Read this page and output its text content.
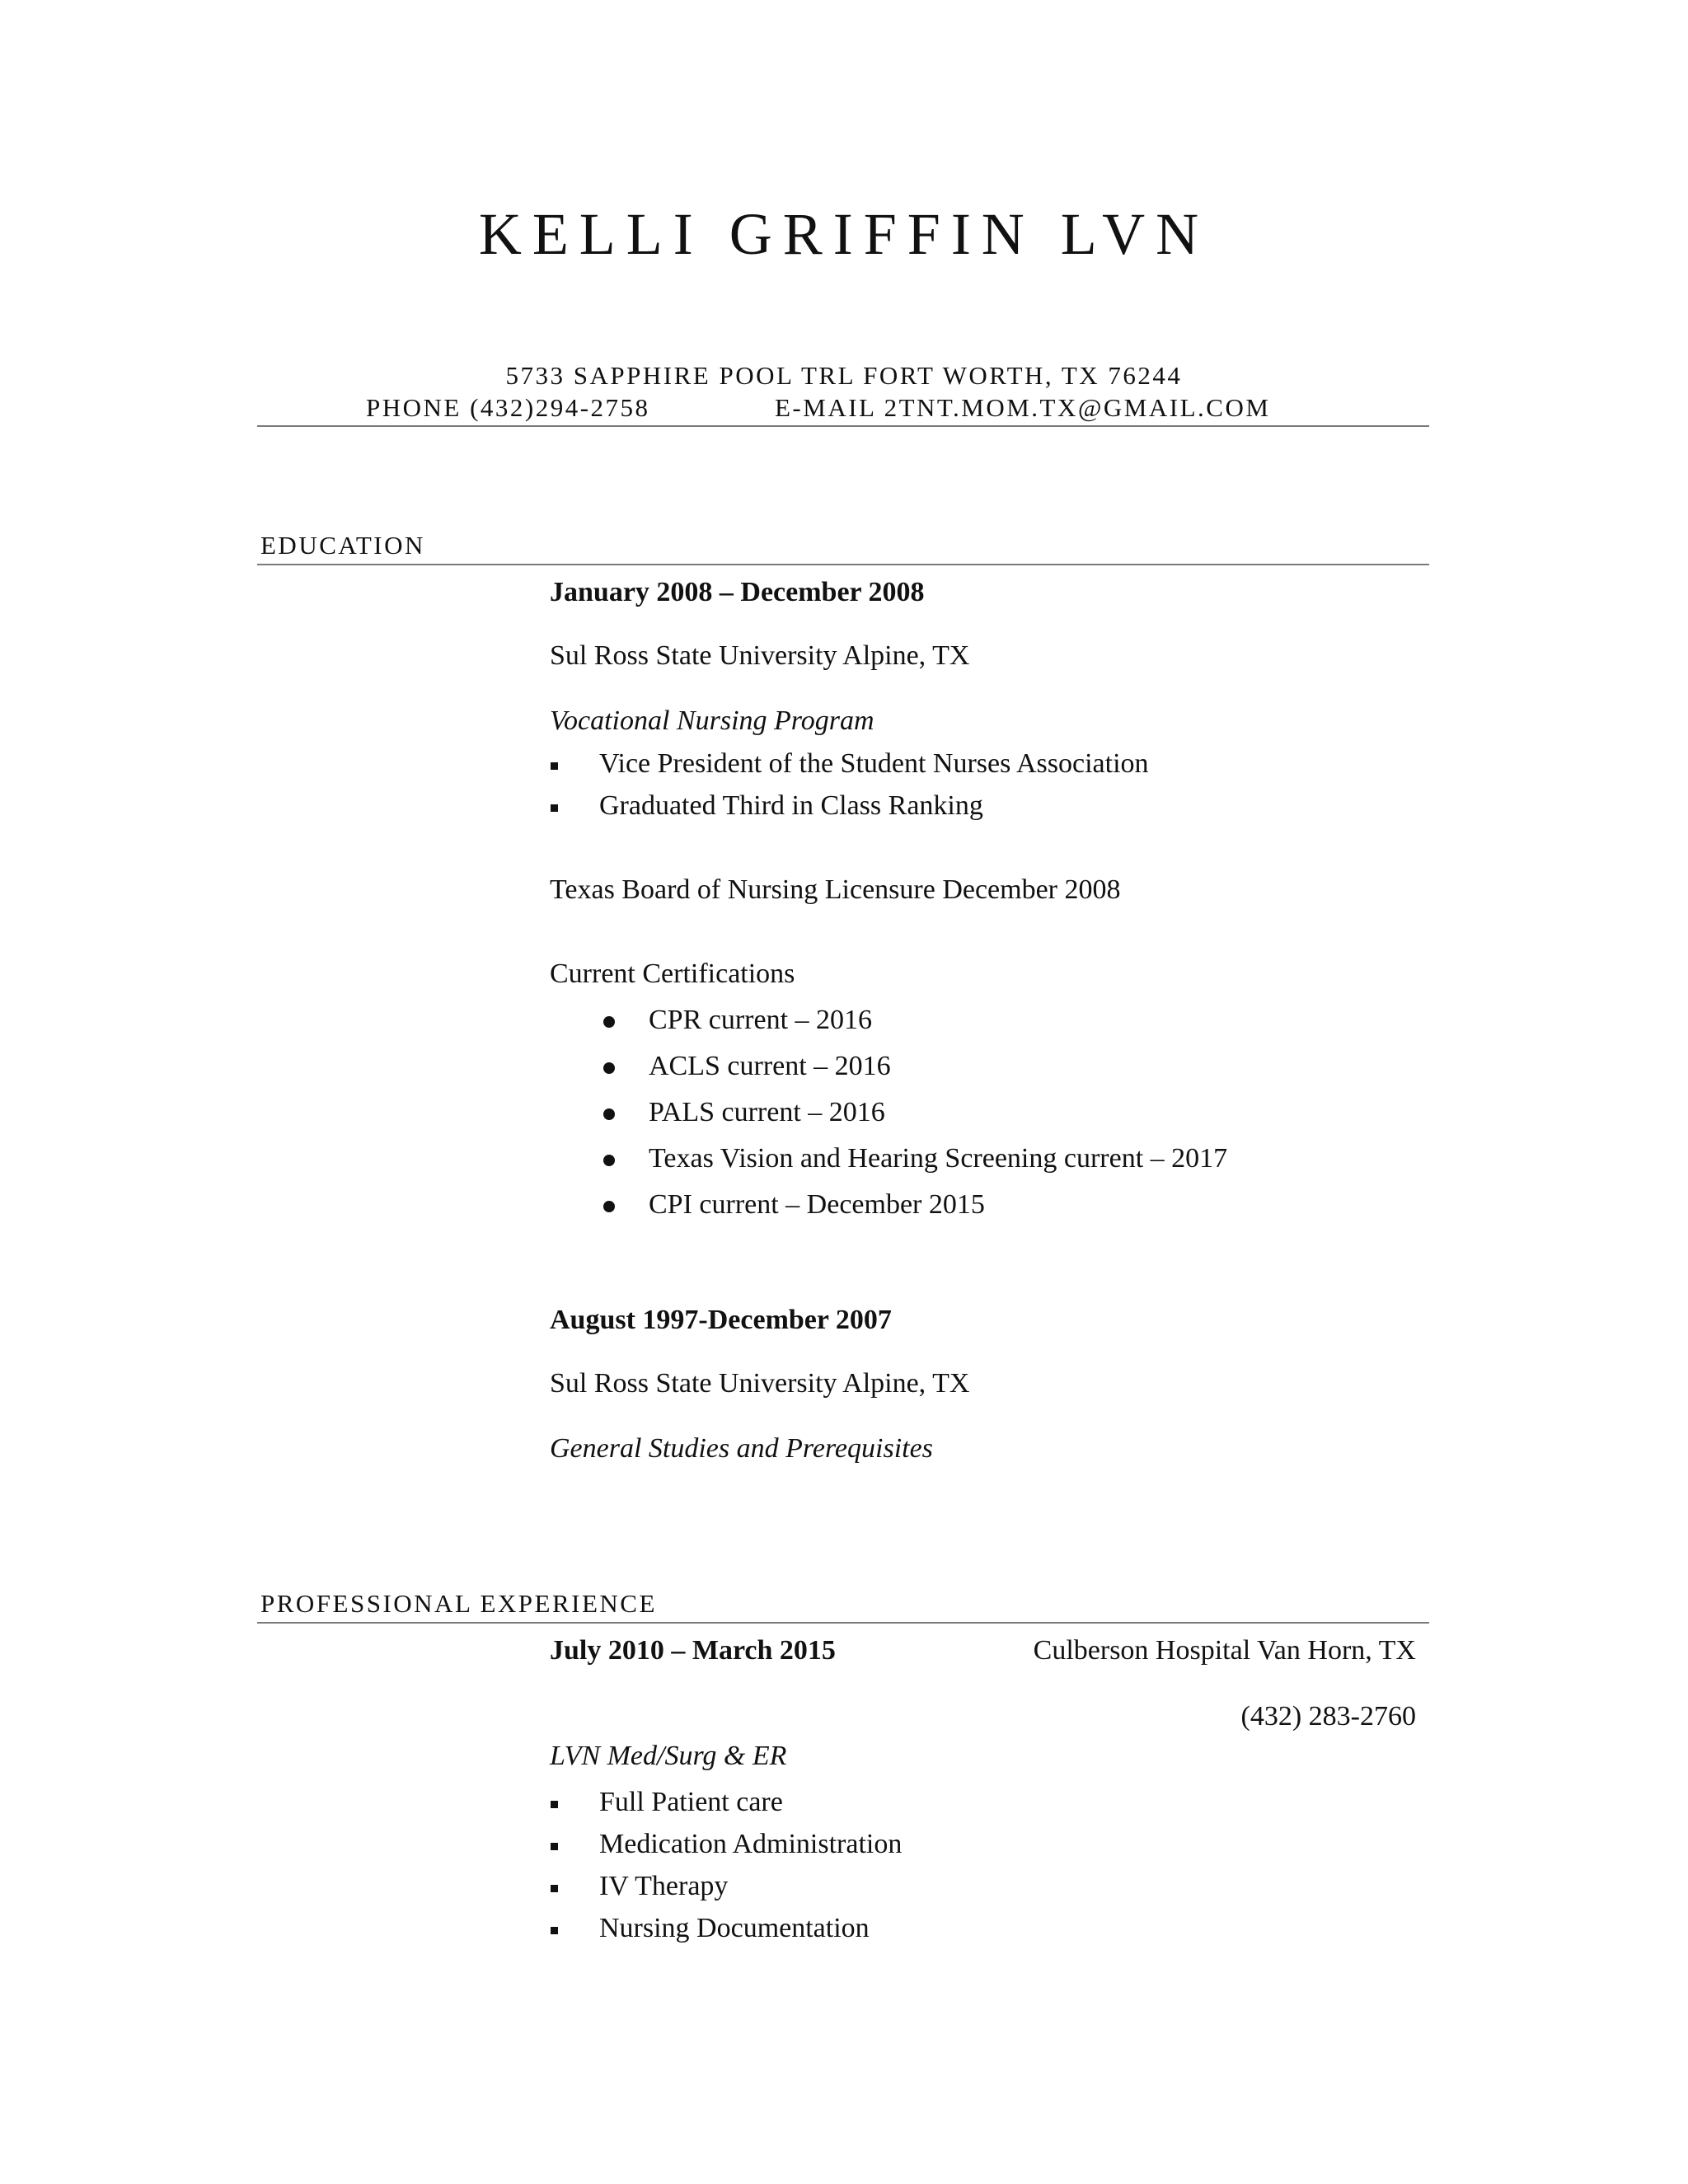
KELLI GRIFFIN LVN
5733 SAPPHIRE POOL TRL FORT WORTH, TX 76244
PHONE (432)294-2758	E-MAIL 2TNT.MOM.TX@GMAIL.COM
EDUCATION
January 2008 – December 2008
Sul Ross State University Alpine, TX
Vocational Nursing Program
Vice President of the Student Nurses Association
Graduated Third in Class Ranking
Texas Board of Nursing Licensure December 2008
Current Certifications
CPR current – 2016
ACLS current – 2016
PALS current – 2016
Texas Vision and Hearing Screening current – 2017
CPI current – December 2015
August 1997-December 2007
Sul Ross State University Alpine, TX
General Studies and Prerequisites
PROFESSIONAL EXPERIENCE
July 2010 – March 2015	Culberson Hospital Van Horn, TX
(432) 283-2760
LVN Med/Surg & ER
Full Patient care
Medication Administration
IV Therapy
Nursing Documentation
